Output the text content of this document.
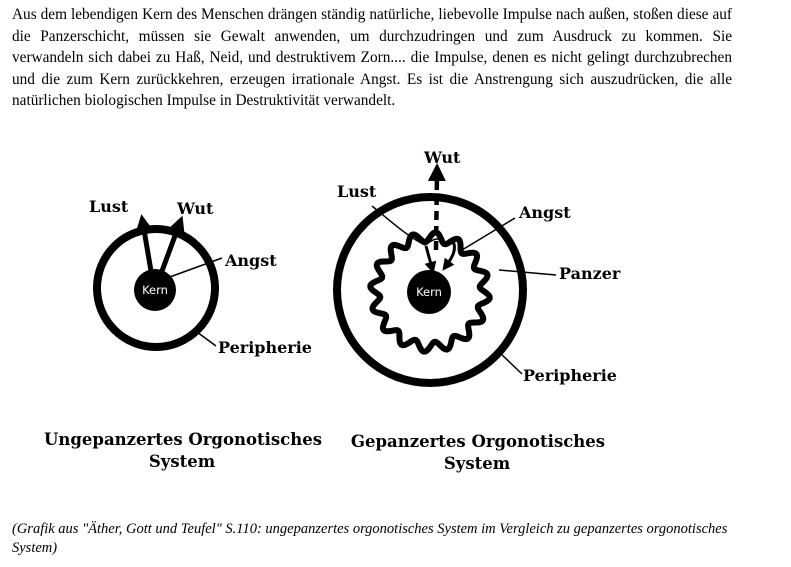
Aus dem lebendigen Kern des Menschen drängen ständig natürliche, liebevolle Impulse nach außen, stoßen diese auf die Panzerschicht, müssen sie Gewalt anwenden, um durchzudringen und zum Ausdruck zu kommen. Sie verwandeln sich dabei zu Haß, Neid, und destruktivem Zorn.... die Impulse, denen es nicht gelingt durchzubrechen und die zum Kern zurückkehren, erzeugen irrationale Angst. Es ist die Anstrengung sich auszudrücken, die alle natürlichen biologischen Impulse in Destruktivität verwandelt.

Kern
Lust	Wut
Angst
Peripherie
Ungepanzertes Orgonotisches
System
Kern
Wut
Lust
Angst
Panzer
Peripherie
Gepanzertes Orgonotisches
System
(Grafik aus "Äther, Gott und Teufel" S.110: ungepanzertes orgonotisches System im Vergleich zu gepanzertes orgonotisches System)
